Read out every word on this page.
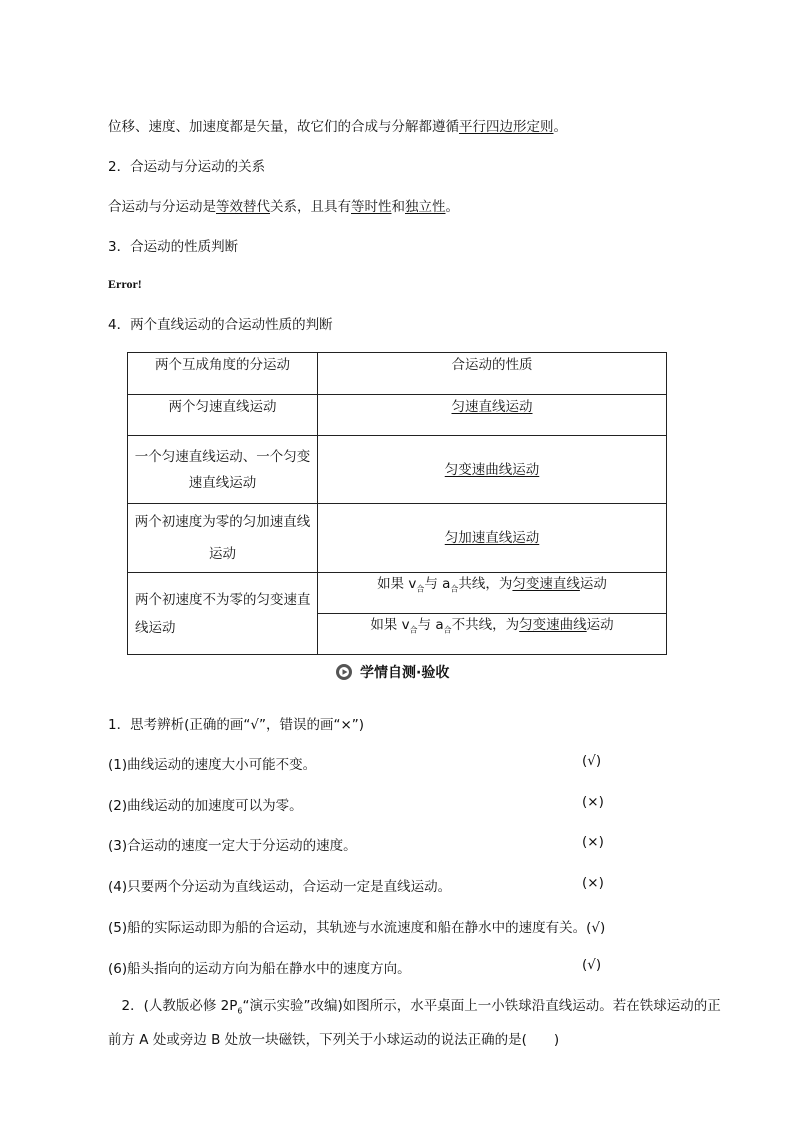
位移、速度、加速度都是矢量，故它们的合成与分解都遵循平行四边形定则。
2．合运动与分运动的关系
合运动与分运动是等效替代关系，且具有等时性和独立性。
3．合运动的性质判断
Error!
4．两个直线运动的合运动性质的判断
两个互成角度的分运动	合运动的性质
两个匀速直线运动	匀速直线运动
一个匀速直线运动、一个匀变速直线运动	匀变速曲线运动
两个初速度为零的匀加速直线运动	匀加速直线运动
两个初速度不为零的匀变速直线运动	如果 $v_合$与 $a_合$共线，为匀变速直线运动
	如果 $v_合$与 $a_合$不共线，为匀变速曲线运动
学情自测·验收
1．思考辨析(正确的画“√”，错误的画“×”)
(1)曲线运动的速度大小可能不变。	(√)
(2)曲线运动的加速度可以为零。	(×)
(3)合运动的速度一定大于分运动的速度。	(×)
(4)只要两个分运动为直线运动，合运动一定是直线运动。	(×)
(5)船的实际运动即为船的合运动，其轨迹与水流速度和船在静水中的速度有关。(√)
(6)船头指向的运动方向为船在静水中的速度方向。	(√)
2．(人教版必修 $2P_6“$演示实验”改编)如图所示，水平桌面上一小铁球沿直线运动。若在铁球运动的正前方 A 处或旁边 B 处放一块磁铁，下列关于小球运动的说法正确的是(　　)
